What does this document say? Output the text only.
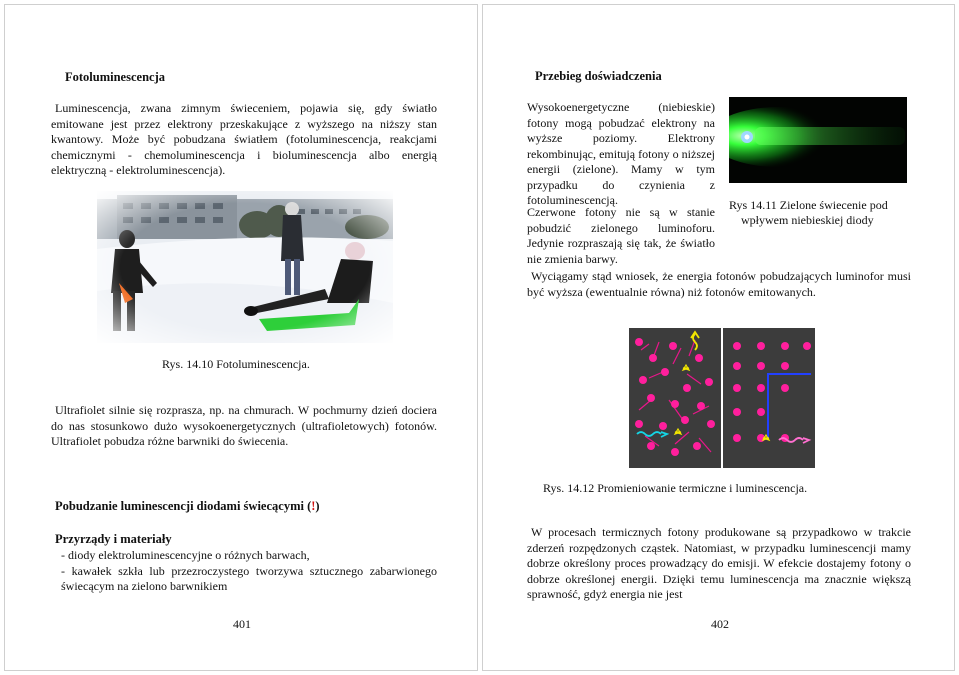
Fotoluminescencja
Luminescencja, zwana zimnym świeceniem, pojawia się, gdy światło emitowane jest przez elektrony przeskakujące z wyższego na niższy stan kwantowy. Może być pobudzana światłem (fotoluminescencja, reakcjami chemicznymi - chemoluminescencja i bioluminescencja albo energią elektryczną - elektroluminescencja).
Rys. 14.10 Fotoluminescencja.
Ultrafiolet silnie się rozprasza, np. na chmurach. W pochmurny dzień dociera do nas stosunkowo dużo wysokoenergetycznych (ultrafioletowych) fotonów. Ultrafiolet pobudza różne barwniki do świecenia.
Pobudzanie luminescencji diodami świecącymi (!)
Przyrządy i materiały
- diody elektroluminescencyjne o różnych barwach,
- kawałek szkła lub przezroczystego tworzywa sztucznego zabarwionego świecącym na zielono barwnikiem
401
Przebieg doświadczenia
Wysokoenergetyczne (niebieskie) fotony mogą pobudzać elektrony na wyższe poziomy. Elektrony rekombinując, emitują fotony o niższej energii (zielone). Mamy w tym przypadku do czynienia z fotoluminescencją.
Czerwone fotony nie są w stanie pobudzić zielonego luminoforu. Jedynie rozpraszają się tak, że światło nie zmienia barwy.
Rys 14.11 Zielone świecenie pod
wpływem niebieskiej diody
Wyciągamy stąd wniosek, że energia fotonów pobudzających luminofor musi być wyższa (ewentualnie równa) niż fotonów emitowanych.
Rys. 14.12 Promieniowanie termiczne i luminescencja.
W procesach termicznych fotony produkowane są przypadkowo w trakcie zderzeń rozpędzonych cząstek. Natomiast, w przypadku luminescencji mamy dobrze określony proces prowadzący do emisji. W efekcie dostajemy fotony o dobrze określonej energii. Dzięki temu luminescencja ma znacznie większą sprawność, gdyż energia nie jest
402
